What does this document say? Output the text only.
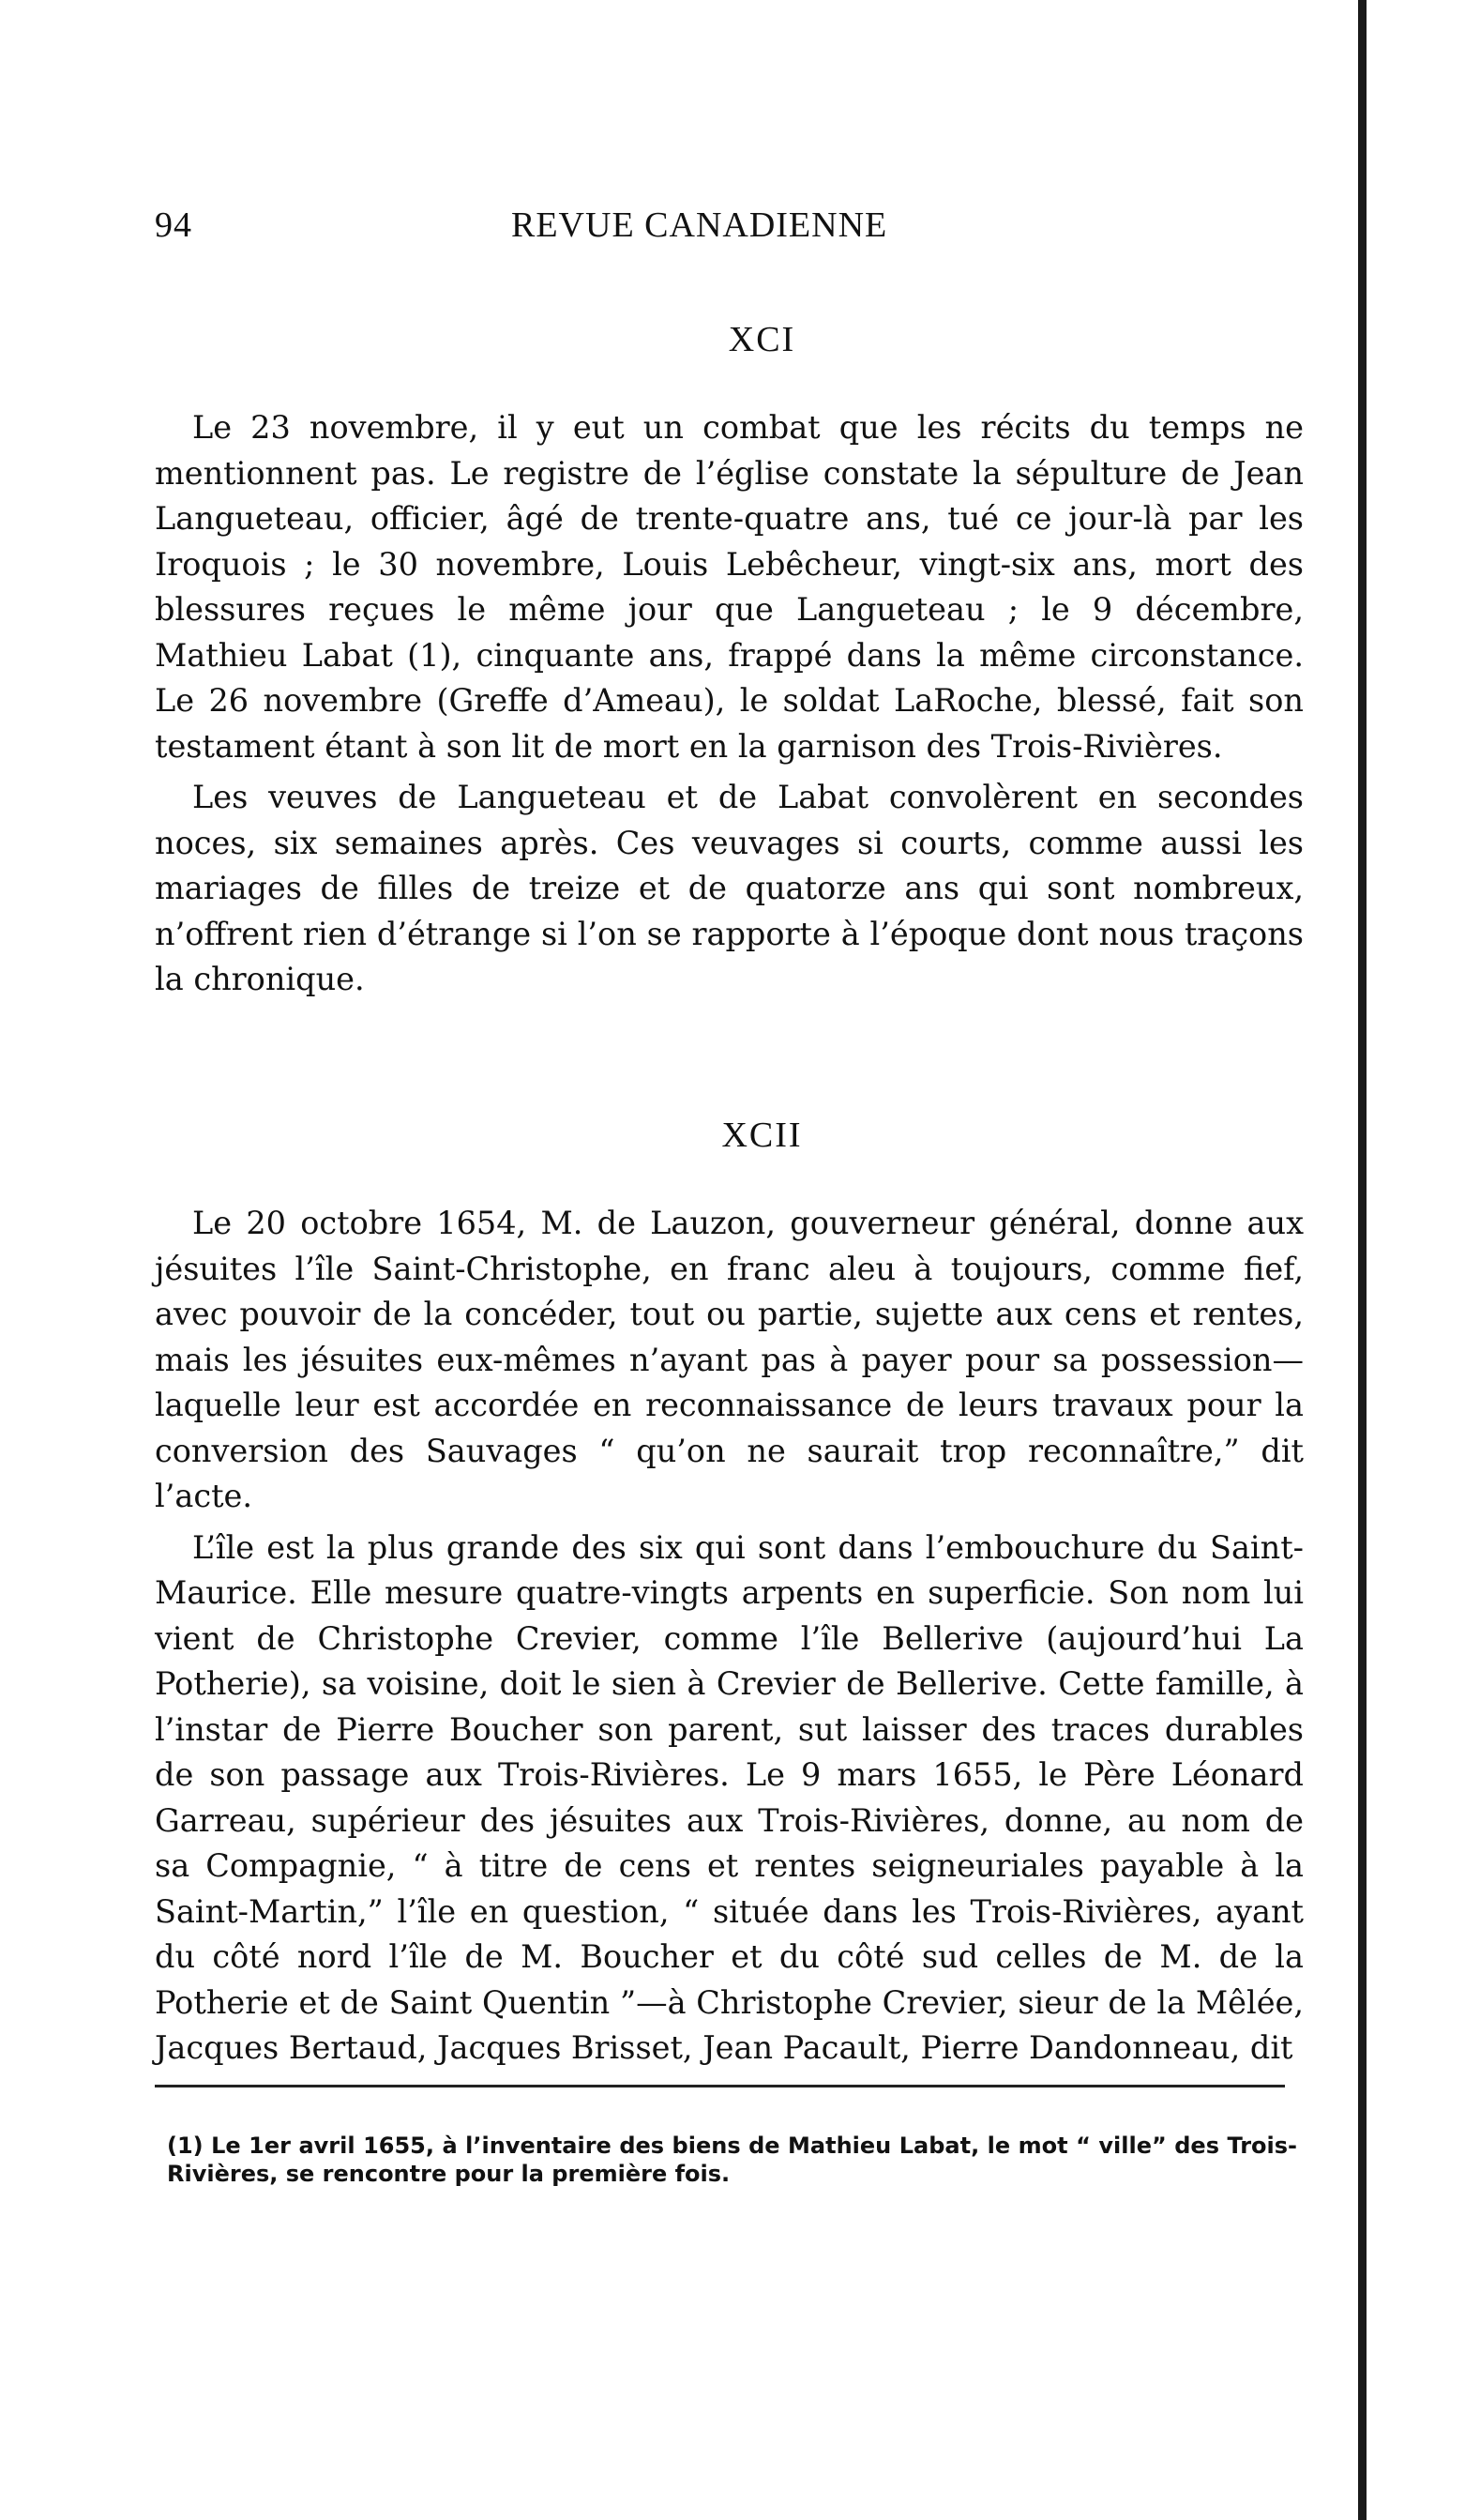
94	REVUE CANADIENNE
XCI

Le 23 novembre, il y eut un combat que les récits du temps ne mentionnent pas. Le registre de l’église constate la sépulture de Jean Langueteau, officier, âgé de trente-quatre ans, tué ce jour-là par les Iroquois ; le 30 novembre, Louis Lebêcheur, vingt-six ans, mort des blessures reçues le même jour que Langueteau ; le 9 décembre, Mathieu Labat (1), cinquante ans, frappé dans la même circonstance. Le 26 novembre (Greffe d’Ameau), le soldat LaRoche, blessé, fait son testament étant à son lit de mort en la garnison des Trois-Rivières.

Les veuves de Langueteau et de Labat convolèrent en secondes noces, six semaines après. Ces veuvages si courts, comme aussi les mariages de filles de treize et de quatorze ans qui sont nombreux, n’offrent rien d’étrange si l’on se rapporte à l’époque dont nous traçons la chronique.

XCII

Le 20 octobre 1654, M. de Lauzon, gouverneur général, donne aux jésuites l’île Saint-Christophe, en franc aleu à toujours, comme fief, avec pouvoir de la concéder, tout ou partie, sujette aux cens et rentes, mais les jésuites eux-mêmes n’ayant pas à payer pour sa possession—laquelle leur est accordée en reconnaissance de leurs travaux pour la conversion des Sauvages “ qu’on ne saurait trop reconnaître,” dit l’acte.

L’île est la plus grande des six qui sont dans l’embouchure du Saint-Maurice. Elle mesure quatre-vingts arpents en superficie. Son nom lui vient de Christophe Crevier, comme l’île Bellerive (aujourd’hui La Potherie), sa voisine, doit le sien à Crevier de Bellerive. Cette famille, à l’instar de Pierre Boucher son parent, sut laisser des traces durables de son passage aux Trois-Rivières. Le 9 mars 1655, le Père Léonard Garreau, supérieur des jésuites aux Trois-Rivières, donne, au nom de sa Compagnie, “ à titre de cens et rentes seigneuriales payable à la Saint-Martin,” l’île en question, “ située dans les Trois-Rivières, ayant du côté nord l’île de M. Boucher et du côté sud celles de M. de la Potherie et de Saint Quentin ”—à Christophe Crevier, sieur de la Mêlée, Jacques Bertaud, Jacques Brisset, Jean Pacault, Pierre Dandonneau, dit

(1) Le 1er avril 1655, à l’inventaire des biens de Mathieu Labat, le mot “ ville” des Trois-Rivières, se rencontre pour la première fois.
